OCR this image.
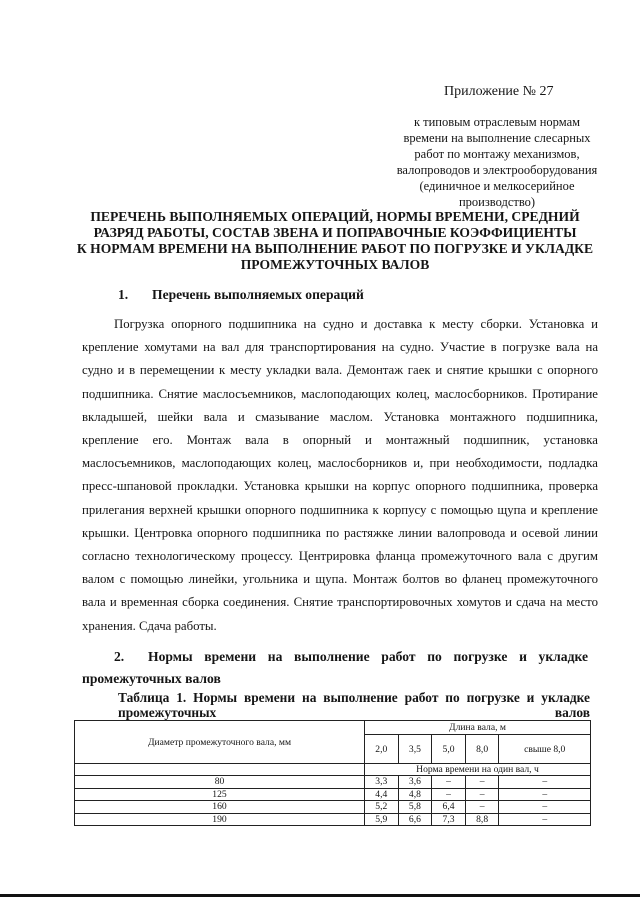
Приложение № 27
к типовым отраслевым нормам
времени на выполнение слесарных
работ по монтажу механизмов,
валопроводов и электрооборудования
(единичное и мелкосерийное
производство)
ПЕРЕЧЕНЬ ВЫПОЛНЯЕМЫХ ОПЕРАЦИЙ, НОРМЫ ВРЕМЕНИ, СРЕДНИЙ
РАЗРЯД РАБОТЫ, СОСТАВ ЗВЕНА И ПОПРАВОЧНЫЕ КОЭФФИЦИЕНТЫ
К НОРМАМ ВРЕМЕНИ НА ВЫПОЛНЕНИЕ РАБОТ ПО ПОГРУЗКЕ И УКЛАДКЕ
ПРОМЕЖУТОЧНЫХ ВАЛОВ
1. Перечень выполняемых операций
Погрузка опорного подшипника на судно и доставка к месту сборки. Установка и крепление хомутами на вал для транспортирования на судно. Участие в погрузке вала на судно и в перемещении к месту укладки вала. Демонтаж гаек и снятие крышки с опорного подшипника. Снятие маслосъемников, маслоподающих колец, маслосборников. Протирание вкладышей, шейки вала и смазывание маслом. Установка монтажного подшипника, крепление его. Монтаж вала в опорный и монтажный подшипник, установка маслосъемников, маслоподающих колец, маслосборников и, при необходимости, подладка пресс-шпановой прокладки. Установка крышки на корпус опорного подшипника, проверка прилегания верхней крышки опорного подшипника к корпусу с помощью щупа и крепление крышки. Центровка опорного подшипника по растяжке линии валопровода и осевой линии согласно технологическому процессу. Центрировка фланца промежуточного вала с другим валом с помощью линейки, угольника и щупа. Монтаж болтов во фланец промежуточного вала и временная сборка соединения. Снятие транспортировочных хомутов и сдача на место хранения. Сдача работы.
2. Нормы времени на выполнение работ по погрузке и укладке промежуточных валов
Таблица 1. Нормы времени на выполнение работ по погрузке и укладке промежуточных валов
Диаметр промежуточного вала, мм	Длина вала, м				
	2,0	3,5	5,0	8,0	свыше 8,0
	Норма времени на один вал, ч				
80	3,3	3,6	–	–	–
125	4,4	4,8	–	–	–
160	5,2	5,8	6,4	–	–
190	5,9	6,6	7,3	8,8	–
